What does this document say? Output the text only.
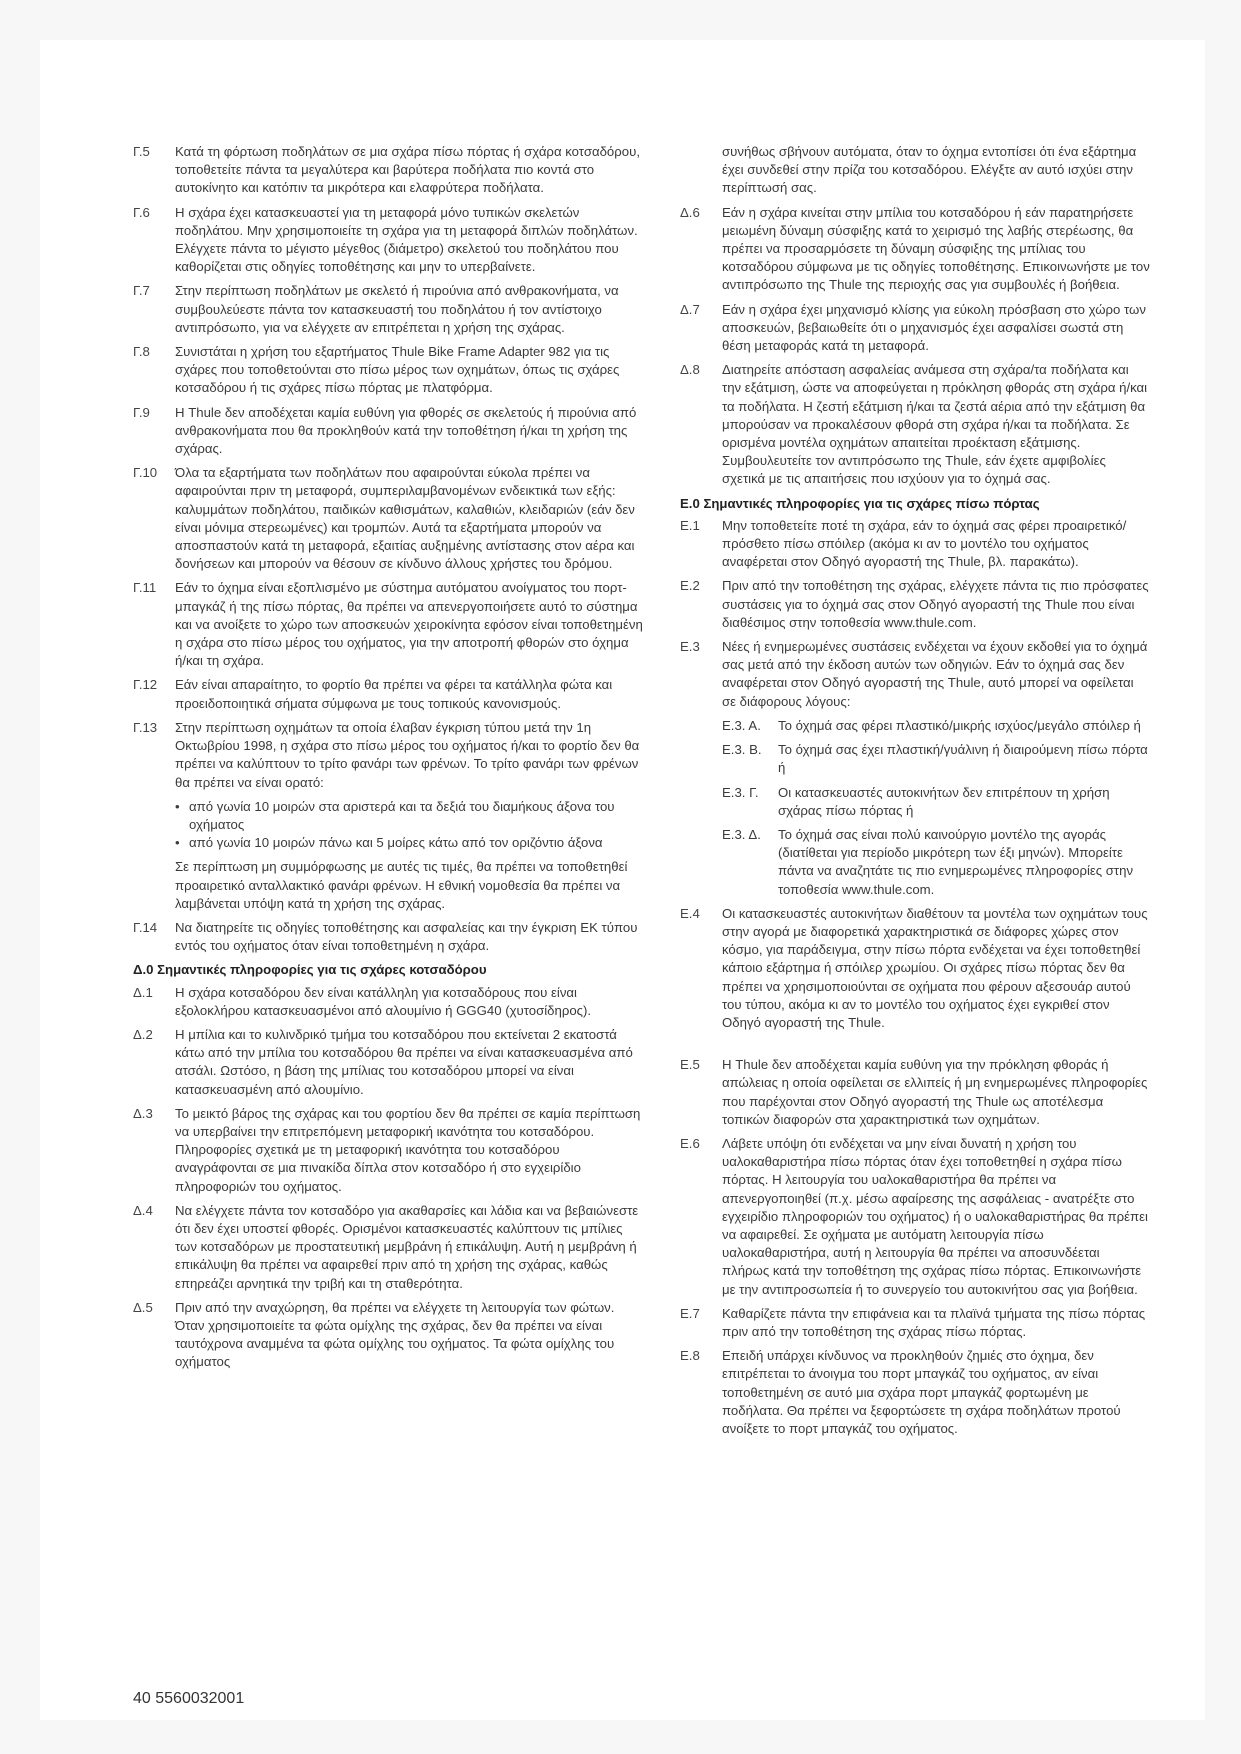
Γ.5	Κατά τη φόρτωση ποδηλάτων σε μια σχάρα πίσω πόρτας ή σχάρα κοτσαδόρου, τοποθετείτε πάντα τα μεγαλύτερα και βαρύτερα ποδήλατα πιο κοντά στο αυτοκίνητο και κατόπιν τα μικρότερα και ελαφρύτερα ποδήλατα.
Γ.6	Η σχάρα έχει κατασκευαστεί για τη μεταφορά μόνο τυπικών σκελετών ποδηλάτου. Μην χρησιμοποιείτε τη σχάρα για τη μεταφορά διπλών ποδηλάτων. Ελέγχετε πάντα το μέγιστο μέγεθος (διάμετρο) σκελετού του ποδηλάτου που καθορίζεται στις οδηγίες τοποθέτησης και μην το υπερβαίνετε.
Γ.7	Στην περίπτωση ποδηλάτων με σκελετό ή πιρούνια από ανθρακονήματα, να συμβουλεύεστε πάντα τον κατασκευαστή του ποδηλάτου ή τον αντίστοιχο αντιπρόσωπο, για να ελέγχετε αν επιτρέπεται η χρήση της σχάρας.
Γ.8	Συνιστάται η χρήση του εξαρτήματος Thule Bike Frame Adapter 982 για τις σχάρες που τοποθετούνται στο πίσω μέρος των οχημάτων, όπως τις σχάρες κοτσαδόρου ή τις σχάρες πίσω πόρτας με πλατφόρμα.
Γ.9	Η Thule δεν αποδέχεται καμία ευθύνη για φθορές σε σκελετούς ή πιρούνια από ανθρακονήματα που θα προκληθούν κατά την τοποθέτηση ή/και τη χρήση της σχάρας.
Γ.10	Όλα τα εξαρτήματα των ποδηλάτων που αφαιρούνται εύκολα πρέπει να αφαιρούνται πριν τη μεταφορά, συμπεριλαμβανομένων ενδεικτικά των εξής: καλυμμάτων ποδηλάτου, παιδικών καθισμάτων, καλαθιών, κλειδαριών (εάν δεν είναι μόνιμα στερεωμένες) και τρομπών. Αυτά τα εξαρτήματα μπορούν να αποσπαστούν κατά τη μεταφορά, εξαιτίας αυξημένης αντίστασης στον αέρα και δονήσεων και μπορούν να θέσουν σε κίνδυνο άλλους χρήστες του δρόμου.
Γ.11	Εάν το όχημα είναι εξοπλισμένο με σύστημα αυτόματου ανοίγματος του πορτ-μπαγκάζ ή της πίσω πόρτας, θα πρέπει να απενεργοποιήσετε αυτό το σύστημα και να ανοίξετε το χώρο των αποσκευών χειροκίνητα εφόσον είναι τοποθετημένη η σχάρα στο πίσω μέρος του οχήματος, για την αποτροπή φθορών στο όχημα ή/και τη σχάρα.
Γ.12	Εάν είναι απαραίτητο, το φορτίο θα πρέπει να φέρει τα κατάλληλα φώτα και προειδοποιητικά σήματα σύμφωνα με τους τοπικούς κανονισμούς.
Γ.13	Στην περίπτωση οχημάτων τα οποία έλαβαν έγκριση τύπου μετά την 1η Οκτωβρίου 1998, η σχάρα στο πίσω μέρος του οχήματος ή/και το φορτίο δεν θα πρέπει να καλύπτουν το τρίτο φανάρι των φρένων. Το τρίτο φανάρι των φρένων θα πρέπει να είναι ορατό:
• από γωνία 10 μοιρών στα αριστερά και τα δεξιά του διαμήκους άξονα του οχήματος
• από γωνία 10 μοιρών πάνω και 5 μοίρες κάτω από τον οριζόντιο άξονα
Σε περίπτωση μη συμμόρφωσης με αυτές τις τιμές, θα πρέπει να τοποθετηθεί προαιρετικό ανταλλακτικό φανάρι φρένων. Η εθνική νομοθεσία θα πρέπει να λαμβάνεται υπόψη κατά τη χρήση της σχάρας.
Γ.14	Να διατηρείτε τις οδηγίες τοποθέτησης και ασφαλείας και την έγκριση ΕΚ τύπου εντός του οχήματος όταν είναι τοποθετημένη η σχάρα.
Δ.0 Σημαντικές πληροφορίες για τις σχάρες κοτσαδόρου
Δ.1	Η σχάρα κοτσαδόρου δεν είναι κατάλληλη για κοτσαδόρους που είναι εξολοκλήρου κατασκευασμένοι από αλουμίνιο ή GGG40 (χυτοσίδηρος).
Δ.2	Η μπίλια και το κυλινδρικό τμήμα του κοτσαδόρου που εκτείνεται 2 εκατοστά κάτω από την μπίλια του κοτσαδόρου θα πρέπει να είναι κατασκευασμένα από ατσάλι. Ωστόσο, η βάση της μπίλιας του κοτσαδόρου μπορεί να είναι κατασκευασμένη από αλουμίνιο.
Δ.3	Το μεικτό βάρος της σχάρας και του φορτίου δεν θα πρέπει σε καμία περίπτωση να υπερβαίνει την επιτρεπόμενη μεταφορική ικανότητα του κοτσαδόρου. Πληροφορίες σχετικά με τη μεταφορική ικανότητα του κοτσαδόρου αναγράφονται σε μια πινακίδα δίπλα στον κοτσαδόρο ή στο εγχειρίδιο πληροφοριών του οχήματος.
Δ.4	Να ελέγχετε πάντα τον κοτσαδόρο για ακαθαρσίες και λάδια και να βεβαιώνεστε ότι δεν έχει υποστεί φθορές. Ορισμένοι κατασκευαστές καλύπτουν τις μπίλιες των κοτσαδόρων με προστατευτική μεμβράνη ή επικάλυψη. Αυτή η μεμβράνη ή επικάλυψη θα πρέπει να αφαιρεθεί πριν από τη χρήση της σχάρας, καθώς επηρεάζει αρνητικά την τριβή και τη σταθερότητα.
Δ.5	Πριν από την αναχώρηση, θα πρέπει να ελέγχετε τη λειτουργία των φώτων. Όταν χρησιμοποιείτε τα φώτα ομίχλης της σχάρας, δεν θα πρέπει να είναι ταυτόχρονα αναμμένα τα φώτα ομίχλης του οχήματος. Τα φώτα ομίχλης του οχήματος
συνήθως σβήνουν αυτόματα, όταν το όχημα εντοπίσει ότι ένα εξάρτημα έχει συνδεθεί στην πρίζα του κοτσαδόρου. Ελέγξτε αν αυτό ισχύει στην περίπτωσή σας.
Δ.6	Εάν η σχάρα κινείται στην μπίλια του κοτσαδόρου ή εάν παρατηρήσετε μειωμένη δύναμη σύσφιξης κατά το χειρισμό της λαβής στερέωσης, θα πρέπει να προσαρμόσετε τη δύναμη σύσφιξης της μπίλιας του κοτσαδόρου σύμφωνα με τις οδηγίες τοποθέτησης. Επικοινωνήστε με τον αντιπρόσωπο της Thule της περιοχής σας για συμβουλές ή βοήθεια.
Δ.7	Εάν η σχάρα έχει μηχανισμό κλίσης για εύκολη πρόσβαση στο χώρο των αποσκευών, βεβαιωθείτε ότι ο μηχανισμός έχει ασφαλίσει σωστά στη θέση μεταφοράς κατά τη μεταφορά.
Δ.8	Διατηρείτε απόσταση ασφαλείας ανάμεσα στη σχάρα/τα ποδήλατα και την εξάτμιση, ώστε να αποφεύγεται η πρόκληση φθοράς στη σχάρα ή/και τα ποδήλατα. Η ζεστή εξάτμιση ή/και τα ζεστά αέρια από την εξάτμιση θα μπορούσαν να προκαλέσουν φθορά στη σχάρα ή/και τα ποδήλατα. Σε ορισμένα μοντέλα οχημάτων απαιτείται προέκταση εξάτμισης. Συμβουλευτείτε τον αντιπρόσωπο της Thule, εάν έχετε αμφιβολίες σχετικά με τις απαιτήσεις που ισχύουν για το όχημά σας.
Ε.0 Σημαντικές πληροφορίες για τις σχάρες πίσω πόρτας
Ε.1	Μην τοποθετείτε ποτέ τη σχάρα, εάν το όχημά σας φέρει προαιρετικό/πρόσθετο πίσω σπόιλερ (ακόμα κι αν το μοντέλο του οχήματος αναφέρεται στον Οδηγό αγοραστή της Thule, βλ. παρακάτω).
Ε.2	Πριν από την τοποθέτηση της σχάρας, ελέγχετε πάντα τις πιο πρόσφατες συστάσεις για το όχημά σας στον Οδηγό αγοραστή της Thule που είναι διαθέσιμος στην τοποθεσία www.thule.com.
Ε.3	Νέες ή ενημερωμένες συστάσεις ενδέχεται να έχουν εκδοθεί για το όχημά σας μετά από την έκδοση αυτών των οδηγιών. Εάν το όχημά σας δεν αναφέρεται στον Οδηγό αγοραστή της Thule, αυτό μπορεί να οφείλεται σε διάφορους λόγους:
Ε.3. Α.	Το όχημά σας φέρει πλαστικό/μικρής ισχύος/μεγάλο σπόιλερ ή
Ε.3. Β.	Το όχημά σας έχει πλαστική/γυάλινη ή διαιρούμενη πίσω πόρτα ή
Ε.3. Γ.	Οι κατασκευαστές αυτοκινήτων δεν επιτρέπουν τη χρήση σχάρας πίσω πόρτας ή
Ε.3. Δ.	Το όχημά σας είναι πολύ καινούργιο μοντέλο της αγοράς (διατίθεται για περίοδο μικρότερη των έξι μηνών). Μπορείτε πάντα να αναζητάτε τις πιο ενημερωμένες πληροφορίες στην τοποθεσία www.thule.com.
Ε.4	Οι κατασκευαστές αυτοκινήτων διαθέτουν τα μοντέλα των οχημάτων τους στην αγορά με διαφορετικά χαρακτηριστικά σε διάφορες χώρες στον κόσμο, για παράδειγμα, στην πίσω πόρτα ενδέχεται να έχει τοποθετηθεί κάποιο εξάρτημα ή σπόιλερ χρωμίου. Οι σχάρες πίσω πόρτας δεν θα πρέπει να χρησιμοποιούνται σε οχήματα που φέρουν αξεσουάρ αυτού του τύπου, ακόμα κι αν το μοντέλο του οχήματος έχει εγκριθεί στον Οδηγό αγοραστή της Thule.
Ε.5	Η Thule δεν αποδέχεται καμία ευθύνη για την πρόκληση φθοράς ή απώλειας η οποία οφείλεται σε ελλιπείς ή μη ενημερωμένες πληροφορίες που παρέχονται στον Οδηγό αγοραστή της Thule ως αποτέλεσμα τοπικών διαφορών στα χαρακτηριστικά των οχημάτων.
Ε.6	Λάβετε υπόψη ότι ενδέχεται να μην είναι δυνατή η χρήση του υαλοκαθαριστήρα πίσω πόρτας όταν έχει τοποθετηθεί η σχάρα πίσω πόρτας. Η λειτουργία του υαλοκαθαριστήρα θα πρέπει να απενεργοποιηθεί (π.χ. μέσω αφαίρεσης της ασφάλειας - ανατρέξτε στο εγχειρίδιο πληροφοριών του οχήματος) ή ο υαλοκαθαριστήρας θα πρέπει να αφαιρεθεί. Σε οχήματα με αυτόματη λειτουργία πίσω υαλοκαθαριστήρα, αυτή η λειτουργία θα πρέπει να αποσυνδέεται πλήρως κατά την τοποθέτηση της σχάρας πίσω πόρτας. Επικοινωνήστε με την αντιπροσωπεία ή το συνεργείο του αυτοκινήτου σας για βοήθεια.
Ε.7	Καθαρίζετε πάντα την επιφάνεια και τα πλαϊνά τμήματα της πίσω πόρτας πριν από την τοποθέτηση της σχάρας πίσω πόρτας.
Ε.8	Επειδή υπάρχει κίνδυνος να προκληθούν ζημιές στο όχημα, δεν επιτρέπεται το άνοιγμα του πορτ μπαγκάζ του οχήματος, αν είναι τοποθετημένη σε αυτό μια σχάρα πορτ μπαγκάζ φορτωμένη με ποδήλατα. Θα πρέπει να ξεφορτώσετε τη σχάρα ποδηλάτων προτού ανοίξετε το πορτ μπαγκάζ του οχήματος.
40 5560032001
